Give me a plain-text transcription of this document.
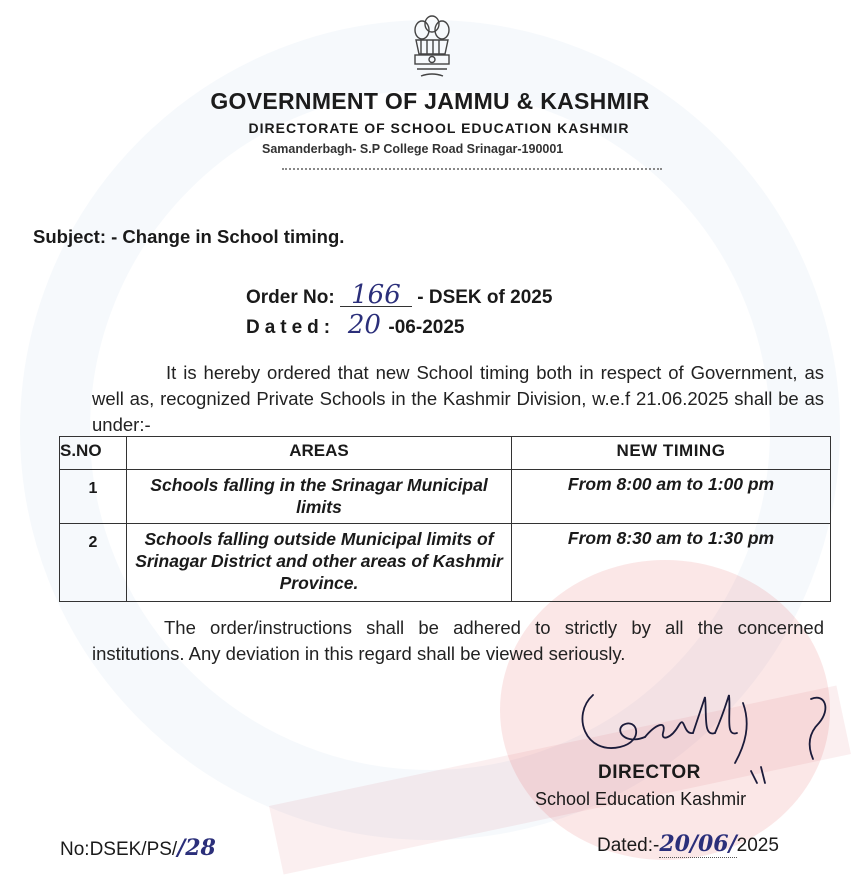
GOVERNMENT OF JAMMU & KASHMIR
DIRECTORATE OF SCHOOL EDUCATION KASHMIR
Samanderbagh- S.P College Road Srinagar-190001
Subject: - Change in School timing.
Order No: 166 - DSEK of 2025
Dated: 20 -06-2025
It is hereby ordered that new School timing both in respect of Government, as well as, recognized Private Schools in the Kashmir Division, w.e.f 21.06.2025 shall be as under:-
S.NO	AREAS	NEW TIMING
1	Schools falling in the Srinagar Municipal limits	From 8:00 am to 1:00 pm
2	Schools falling outside Municipal limits of Srinagar District and other areas of Kashmir Province.	From 8:30 am to 1:30 pm
The order/instructions shall be adhered to strictly by all the concerned institutions. Any deviation in this regard shall be viewed seriously.
DIRECTOR
School Education Kashmir
No:DSEK/PS//28	Dated:-20/06/2025
